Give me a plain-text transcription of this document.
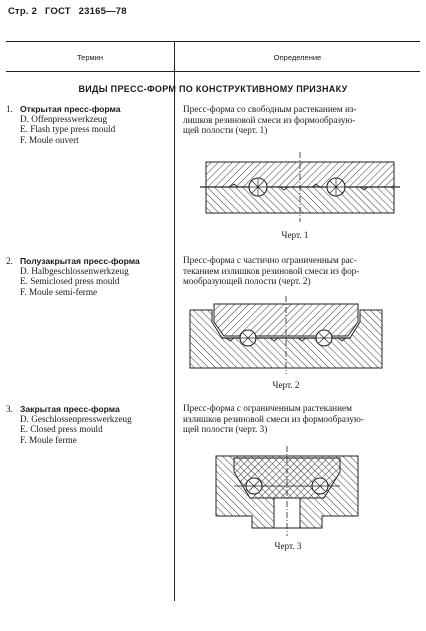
Стр. 2 ГОСТ 23165—78
Термин	Определение
ВИДЫ ПРЕСС-ФОРМ ПО КОНСТРУКТИВНОМУ ПРИЗНАКУ
1. Открытая пресс-форма
D. Offenpresswerkzeug
E. Flash type press mould
F. Moule ouvert
Пресс-форма со свободным растеканием из-
лишков резиновой смеси из формообразую-
щей полости (черт. 1)
Черт. 1
2. Полузакрытая пресс-форма
D. Halbgeschlossenwerkzeug
E. Semiclosed press mould
F. Moule semi-ferme
Пресс-форма с частично ограниченным рас-
теканием излишков резиновой смеси из фор-
мообразующей полости (черт. 2)
Черт. 2
3. Закрытая пресс-форма
D. Geschlossenpresswerkzeug
E. Closed press mould
F. Moule ferme
Пресс-форма с ограниченным растеканием
излишков резиновой смеси из формообразую-
щей полости (черт. 3)
Черт. 3
